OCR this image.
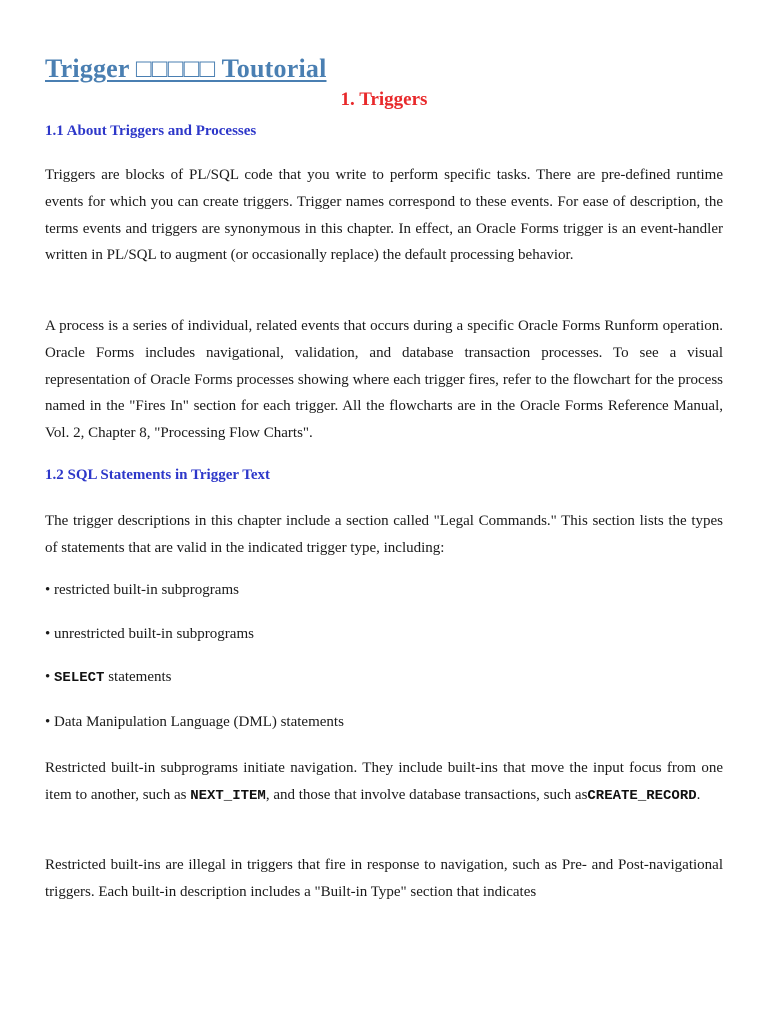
Trigger □□□□□ Toutorial
1. Triggers
1.1 About Triggers and Processes
Triggers are blocks of PL/SQL code that you write to perform specific tasks. There are pre-defined runtime events for which you can create triggers. Trigger names correspond to these events. For ease of description, the terms events and triggers are synonymous in this chapter. In effect, an Oracle Forms trigger is an event-handler written in PL/SQL to augment (or occasionally replace) the default processing behavior.
A process is a series of individual, related events that occurs during a specific Oracle Forms Runform operation. Oracle Forms includes navigational, validation, and database transaction processes. To see a visual representation of Oracle Forms processes showing where each trigger fires, refer to the flowchart for the process named in the "Fires In" section for each trigger. All the flowcharts are in the Oracle Forms Reference Manual, Vol. 2, Chapter 8, "Processing Flow Charts".
1.2 SQL Statements in Trigger Text
The trigger descriptions in this chapter include a section called "Legal Commands." This section lists the types of statements that are valid in the indicated trigger type, including:
• restricted built-in subprograms
• unrestricted built-in subprograms
• SELECT statements
• Data Manipulation Language (DML) statements
Restricted built-in subprograms initiate navigation. They include built-ins that move the input focus from one item to another, such as NEXT_ITEM, and those that involve database transactions, such asCREATE_RECORD.
Restricted built-ins are illegal in triggers that fire in response to navigation, such as Pre- and Post-navigational triggers. Each built-in description includes a "Built-in Type" section that indicates
